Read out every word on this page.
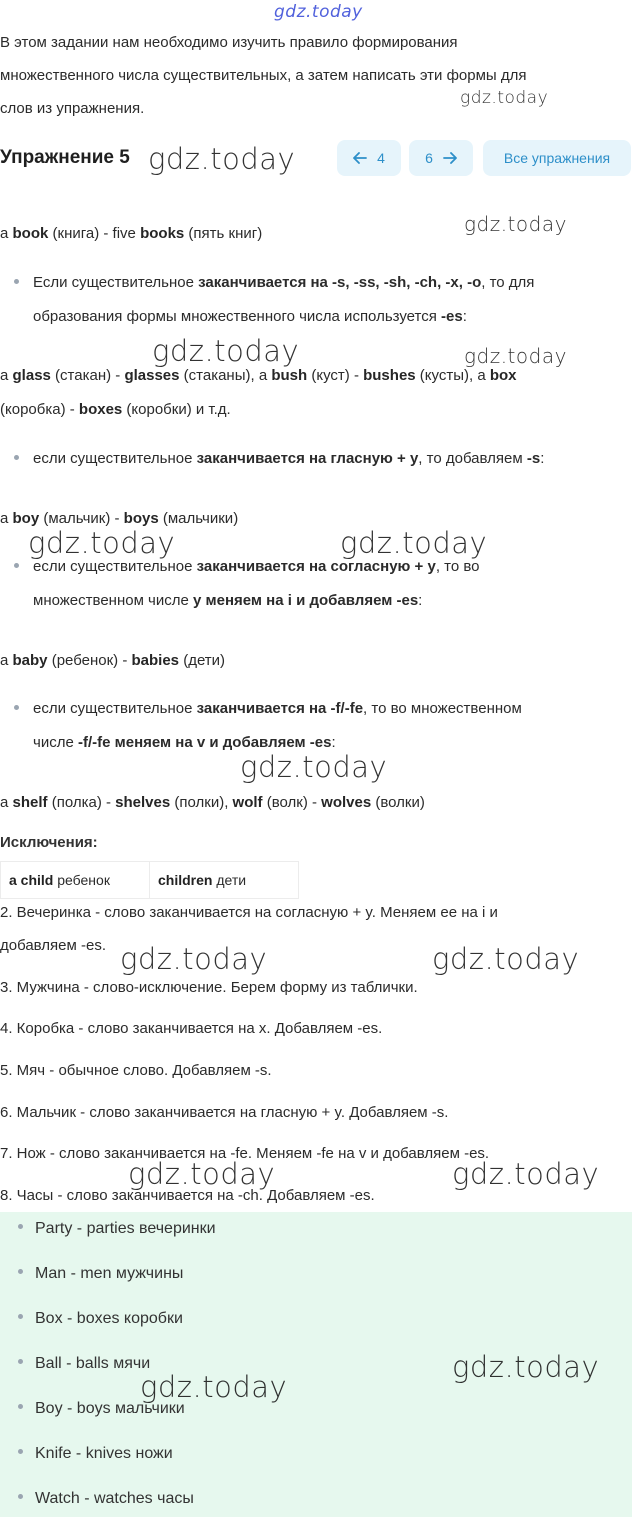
gdz.today
В этом задании нам необходимо изучить правило формирования
множественного числа существительных, а затем написать эти формы для
слов из упражнения.
gdz.today
Упражнение 5 gdz.today	4	6	Все упражнения
gdz.today
a book (книга) - five books (пять книг)
Если существительное заканчивается на -s, -ss, -sh, -ch, -x, -o, то для
образования формы множественного числа используется -es:
gdz.today	gdz.today
a glass (стакан) - glasses (стаканы), a bush (куст) - bushes (кусты), a box
(коробка) - boxes (коробки) и т.д.
если существительное заканчивается на гласную + y, то добавляем -s:
a boy (мальчик) - boys (мальчики)
gdz.today	gdz.today
если существительное заканчивается на согласную + y, то во
множественном числе y меняем на i и добавляем -es:
a baby (ребенок) - babies (дети)
если существительное заканчивается на -f/-fe, то во множественном
числе -f/-fe меняем на v и добавляем -es:
gdz.today
a shelf (полка) - shelves (полки), wolf (волк) - wolves (волки)
Исключения:
a child ребенок	children дети
2. Вечеринка - слово заканчивается на согласную + y. Меняем ее на i и
добавляем -es. gdz.today	gdz.today
3. Мужчина - слово-исключение. Берем форму из таблички.
4. Коробка - слово заканчивается на x. Добавляем -es.
5. Мяч - обычное слово. Добавляем -s.
6. Мальчик - слово заканчивается на гласную + y. Добавляем -s.
7. Нож - слово заканчивается на -fe. Меняем -fe на v и добавляем -es.
8. Часы - слово заканчивается на -ch. Добавляем -es.
gdz.today	gdz.today
Party - parties вечеринки
Man - men мужчины
Box - boxes коробки
Ball - balls мячи
Boy - boys мальчики
Knife - knives ножи
Watch - watches часы
gdz.today
gdz.today
